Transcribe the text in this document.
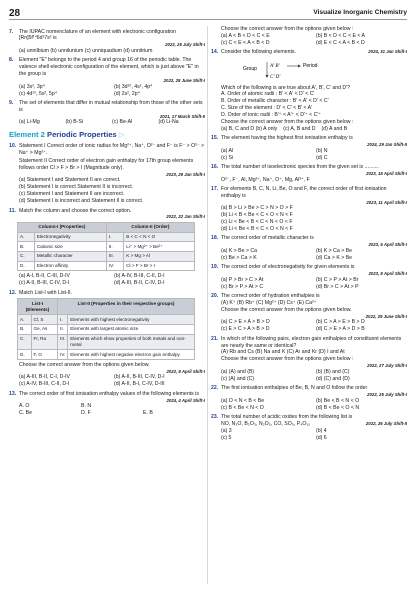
28	Visualize Inorganic Chemistry
7.	The IUPAC nomenclature of an element with electronic configuration [Rn]5f¹⁴6d¹7s² is
2022, 25 July Shift-I
(a) unnilbium (b) unnilunium (c) unniquadium (d) unnitrium
8.	Element "E" belongs to the period 4 and group 16 of the periodic table. The valence shell electronic configuration of the element, which is just above "E" in the group is
2022, 28 June Shift-I
(a) 3s², 3p⁴	(b) 3d¹⁰, 4s², 4p⁴
(c) 4d¹⁰, 5s², 5p⁴	(d) 2s², 2p⁴
9.	The set of elements that differ in mutual relationship from those of the other sets is
2021, 17 March Shift-II
(a) Li-Mg	(b) B-Si	(c) Be-Al	(d) Li-Na
Element 2 Periodic Properties ▷
10. Statement I Correct order of ionic radius for Mg²⁺, Na⁺, O²⁻ and F⁻ is F⁻ > O²⁻ > Na⁺ > Mg²⁺.
Statement II Correct order of electron gain enthalpy for 17th group elements follows order Cl > F > Br > I (Magnitude only).
2023, 29 Jan Shift-I
(a) Statement I and Statement II are correct.
(b) Statement I is correct Statement II is incorrect.
(c) Statement I and Statement II are incorrect.
(d) Statement I is incorrect and Statement II is correct.
11. Match the column and choose the correct option.
2022, 22 Jan Shift-I
Column-I (Properties)		Column-II (Order)	
A.	Electronegativity	I.	B < C < N < O
B.	Cationic size	II.	Li⁺ > Mg²⁺ > Be²⁺
C.	Metallic character	III.	K > Mg > Al
D.	Electron affinity	IV.	Cl > F > Br > I
(a) A-I, B-II, C-III, D-IV	(b) A-IV, B-III, C-II, D-I
(c) A-II, B-III, C-IV, D-I	(d) A-III, B-II, C-IV, D-I
12. Match List-I with List-II.
List-I (Elements)		List-II (Properties in their respective groups)	
A.	Cl, S	I.	Elements with highest electronegativity
B.	Ge, As	II.	Elements with largest atomic size
C.	Fr, Ra	III.	Elements which show properties of both metals and non-metal
D.	F, O	IV.	Elements with highest negative electron gain enthalpy
Choose the correct answer from the options given below.
2022, 8 April Shift-I
(a) A-III, B-II, C-I, D-IV	(b) A-II, B-III, C-IV, D-I
(c) A-IV, B-III, C-II, D-I	(d) A-II, B-I, C-IV, D-III
13. The correct order of first ionisation enthalpy values of the following elements is
2024, 4 April Shift-I
A. O	B. N
C. Be	D. F	E. B
Choose the correct answer from the options given below :
(a) A < B < D < C < E	(b) B < D < C < E < A
(c) C < E < A < B < D	(d) E < C < A < B < D
14. Consider the following elements.	2024, 31 Jan Shift-I
Group	A′ B′	Period
C′ D′
Which of the following is are true about A′, B′, C′ and D′?
A. Order of atomic radii : B′ < A′ < D′ < C′
B. Order of metallic character : B′ < A′ < D′ < C′
C. Size of the element : D′ < C′ < B′ < A′
D. Order of ionic radii : B′⁺ < A′⁺ < D′⁺ < C′⁺
Choose the correct answer from the options given below :
(a) B, C and D (b) A only (c) A, B and D (d) A and B
15. The element having the highest first ionisation enthalpy is
2024, 29 Jan Shift-II
(a) Al	(b) N
(c) Si	(d) C
16. The total number of isoelectronic species from the given set is ..........
2023, 15 April Shift-I
O²⁻, F⁻, Al, Mg²⁺, Na⁺, O⁺, Mg, Al³⁺, F
17. For elements B, C, N, Li, Be, O and F, the correct order of first ionisation enthalpy is
2023, 11 April Shift-I
(a) B > Li > Be > C > N > O > F
(b) Li < B < Be < C < O < N < F
(c) Li < Be < B < C < N < O < F
(d) Li < Be < B < C < O < N < F
18. The correct order of metallic character is
2023, 6 April Shift-I
(a) K > Be > Ca	(b) K > Ca > Be
(c) Be > Ca > K	(d) Ca > K > Be
19. The correct order of electronegativity for given elements is
2023, 8 April Shift-I
(a) P > Br > C > At	(b) C > P > At > Br
(c) Br > P > At > C	(d) Br > C > At > P
20. The correct order of hydration enthalpies is
(A) K⁺ (B) Rb⁺ (C) Mg²⁺ (D) Cs⁺ (E) Ca²⁺
Choose the correct answer from the options given below.
2022, 29 June Shift-I
(a) C > E > A > B > D	(b) C > A > E > B > D
(c) E > C > A > B > D	(d) C > E > A > D > B
21. In which of the following pairs, electron gain enthalpies of constituent elements are nearly the same or identical?
(A) Rb and Cs (B) Na and K (C) Ar and Kr (D) I and At
Choose the correct answer from the options given below :
2022, 27 July Shift-I
(a) (A) and (B)	(b) (B) and (C)
(c) (A) and (C)	(d) (C) and (D)
22. The first ionisation enthalpies of Be, B, N and O follow the order
2022, 25 July Shift-I
(a) O < N < B < Be	(b) Be < B < N < O
(c) B < Be < N < O	(d) B < Be < O < N
23. The total number of acidic oxides from the following list is
NO, N₂O, B₂O₃, N₂O₅, CO, SO₃, P₄O₁₀	2022, 26 July Shift-II
(a) 3	(b) 4
(c) 5	(d) 6
